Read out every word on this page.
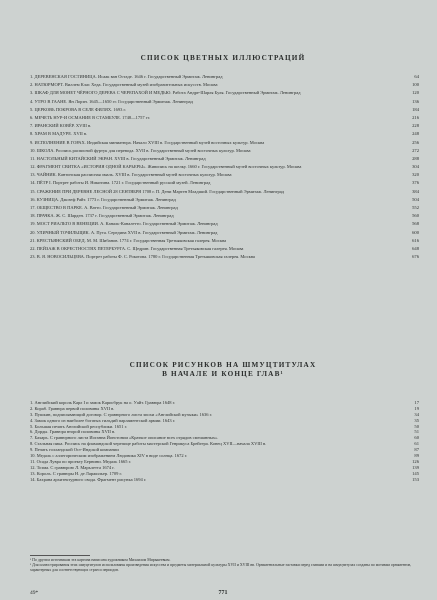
СПИСОК ЦВЕТНЫХ ИЛЛЮСТРАЦИЙ
1. ДЕРЕВЕНСКАЯ ГОСТИНИЦА. Исаак ван Остаде. 1646 г. Государственный Эрмитаж. Ленинград	64
2. НАТЮРМОРТ. Виллем Клас Хеда. Государственный музей изобразительных искусств. Москва	100
3. ШКАФ ДЛЯ МОНЕТ ЧЁРНОГО ДЕРЕВА С ЧЕРЕПАХОЙ И МЕДЬЮ. Работа Андре-Шарля Буля. Государственный Эрмитаж. Ленинград	120
4. УТРО В ГААНЕ. Ян Лорэн. 1645—1650 гг. Государственный Эрмитаж. Ленинград	136
5. ЦЕРКОВЬ ПОКРОВА В СЕЛЕ ФИЛЯХ. 1693 г.	184
6. МЕЧЕТЬ НУР-И ОСМАНИЕ В СТАМБУЛЕ. 1748—1757 гг.	216
7. ИРАНСКИЙ КОВЁР. XVIII в.	228
8. ХРАМ В МАДУРЕ. XVII в.	248
9. ИСПОЛНЕНИЕ В ГОРАХ. Индийская миниатюра. Начало XVIII в. Государственный музей восточных культур. Москва	256
10. ШКОЛА. Роспись расписной фуртук для перевода. XVII в. Государственный музей восточных культур. Москва	272
11. НАСТОЛЬНЫЙ КИТАЙСКИЙ ЭКРАН. XVIII в. Государственный Эрмитаж. Ленинград	288
12. ФРАГМЕНТ СВИТКА «ИСТОРИЯ ОДНОЙ КАРЬЕРЫ». Живопись на шелку. 1660 г. Государственный музей восточных культур. Москва	304
13. ЧАЙНИК. Кантонская расписная эмаль. XVIII в. Государственный музей восточных культур. Москва	320
14. ПЁТР I. Портрет работы И. Никитина. 1721 г. Государственный русский музей. Ленинград	376
15. СРАЖЕНИЕ ПРИ ДЕРЕВНЕ ЛЕСНОЙ 28 СЕНТЯБРЯ 1708 г. П. Дени Мартен Младший. Государственный Эрмитаж. Ленинград	384
16. КУЗНИЦА. Джозеф Райт. 1773 г. Государственный Эрмитаж. Ленинград	504
17. ОБЩЕСТВО В ПАРКЕ. А. Ватто. Государственный Эрмитаж. Ленинград	552
18. ПРАЧКА. Ж. С. Шарден. 1737 г. Государственный Эрмитаж. Ленинград	560
19. МОСТ РИАЛЬТО В ВЕНЕЦИИ. А. Каналь-Каналетто. Государственный Эрмитаж. Ленинград	568
20. УЛИЧНЫЙ ТОЧИЛЬЩИК. А. Пута. Середина XVII в. Государственный Эрмитаж. Ленинград	600
21. КРЕСТЬЯНСКИЙ ОБЕД. М. М. Шибанов. 1774 г. Государственная Третьяковская галерея. Москва	616
22. ПЕЙЗАЖ В ОКРЕСТНОСТЯХ ПЕТЕРБУРГА. С. Щедрин. Государственная Третьяковская галерея. Москва	648
23. В. Я. НОВОСИЛЬЦЕВА. Портрет работы Ф. С. Рокотова. 1780 г. Государственная Третьяковская галерея. Москва	676
СПИСОК РИСУНКОВ НА ШМУЦТИТУЛАХ
В НАЧАЛЕ И КОНЦЕ ГЛАВ¹
1. Английский король Карл I и замок Карисбрук на о. Уайт. Гравюра 1648 г.	17
2. Кораб. Гравюра первой половины XVII в.	19
3. Пушкин, подписывающий договор. С гравюрного листа эпохи «Английской музыки» 1636 г.	34
4. Замок одного из наиболее богатых гильдий парламентской армии. 1643 г.	35
5. Большая печать Английской республики. 1651 г.	50
6. Дорды. Гравюра второй половины XVII в.	51
7. Бахарь. С гравюрного листа Иоганна Йонстонии «Краткое описание всех отрядов смешанных».	60
8. Стальная пика. Роспись на фламандской черепице работы мастерской Генрикуса Брейгера. Конец XVII—начала XVIII в.	61
9. Печать голландской Ост-Индской компании	87
10. Медаль с аллегорическим изображением Людовика XIV в виде солнца. 1672 г.	89
11. Осада Лувра по проекту Бернини. Медаль 1665 г.	126
12. Тоэма. С гравюрою Л. Марьлетта 1674 г.	139
13. Король. С гравюры Н. де Ларжильер. 1709 г.	145
14. Бахрана архитектурного свода. Фрагмент рисунка 1694 г.	153
¹ По другим источникам эта картина написана художником Михаилом Мирыкеевым.
¹ Для иллюстрирования этих шмуцтитулов использованы произведения искусства и предметы материальной культуры XVII и XVIII вв. Орнаментальные заставки перед главами и на шмуцтитулах созданы по мотивам орнаментов, характерных для соответствующих стран и периодов.
49*	771
